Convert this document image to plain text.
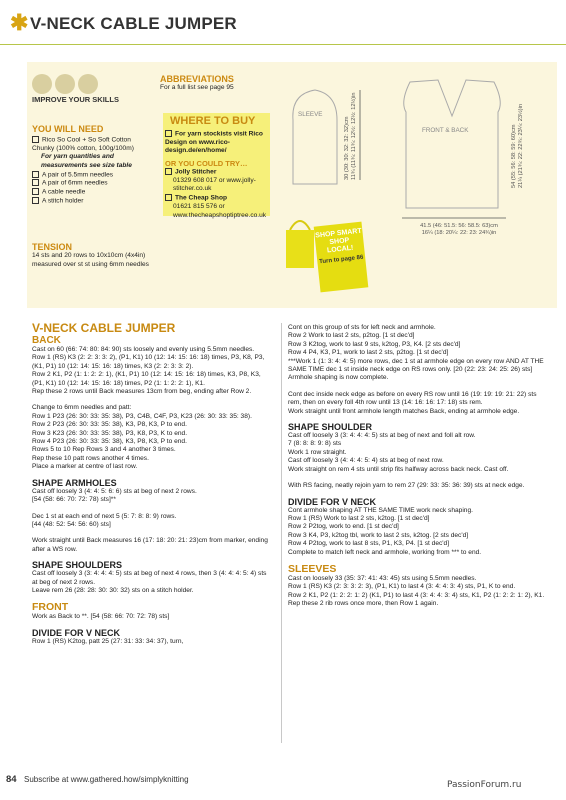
✱ V-NECK CABLE JUMPER
IMPROVE YOUR SKILLS
YOU WILL NEED
Rico So Cool + So Soft Cotton Chunky (100% cotton, 100g/100m)
For yarn quantities and measurements see size table
A pair of 5.5mm needles
A pair of 6mm needles
A cable needle
A stitch holder
TENSION
14 sts and 20 rows to 10x10cm (4x4in) measured over st st using 6mm needles
ABBREVIATIONS
For a full list see page 95
WHERE TO BUY
For yarn stockists visit Rico Design on www.rico-design.de/en/home/
OR YOU COULD TRY…
Jolly Stitcher
01329 608 017 or www.jolly-stitcher.co.uk
The Cheap Shop
01621 815 576 or www.thecheapshoptiptree.co.uk
SHOP SMART
SHOP LOCAL!
Turn to page 86
SLEEVE
30 (30: 30: 32: 32: 32)cm 11¾ (11¾: 11¾: 12½: 12½: 12½)in	FRONT & BACK	54 (55: 56: 58: 59: 60)cm 21¼ (21¾: 22: 22¾: 23¼: 23½)in
41.5 (46: 51.5: 56: 58.5: 63)cm
16¼ (18: 20¼: 22: 23: 24¾)in
V-NECK CABLE JUMPER
BACK
Cast on 60 (66: 74: 80: 84: 90) sts loosely and evenly using 5.5mm needles.
Row 1 (RS) K3 (2: 2: 3: 3: 2), (P1, K1) 10 (12: 14: 15: 16: 18) times, P3, K8, P3, (K1, P1) 10 (12: 14: 15: 16: 18) times, K3 (2: 2: 3: 3: 2).
Row 2 K1, P2 (1: 1: 2: 2: 1), (K1, P1) 10 (12: 14: 15: 16: 18) times, K3, P8, K3, (P1, K1) 10 (12: 14: 15: 16: 18) times, P2 (1: 1: 2: 2: 1), K1.
Rep these 2 rows until Back measures 13cm from beg, ending after Row 2.
Change to 6mm needles and patt:
Row 1 P23 (26: 30: 33: 35: 38), P3, C4B, C4F, P3, K23 (26: 30: 33: 35: 38).
Row 2 P23 (26: 30: 33: 35: 38), K3, P8, K3, P to end.
Row 3 K23 (26: 30: 33: 35: 38), P3, K8, P3, K to end.
Row 4 P23 (26: 30: 33: 35: 38), K3, P8, K3, P to end.
Rows 5 to 10 Rep Rows 3 and 4 another 3 times.
Rep these 10 patt rows another 4 times.
Place a marker at centre of last row.
SHAPE ARMHOLES
Cast off loosely 3 (4: 4: 5: 6: 6) sts at beg of next 2 rows.
[54 (58: 66: 70: 72: 78) sts]**
Dec 1 st at each end of next 5 (5: 7: 8: 8: 9) rows.
[44 (48: 52: 54: 56: 60) sts]
Work straight until Back measures 16 (17: 18: 20: 21: 23)cm from marker, ending after a WS row.
SHAPE SHOULDERS
Cast off loosely 3 (3: 4: 4: 4: 5) sts at beg of next 4 rows, then 3 (4: 4: 4: 5: 4) sts at beg of next 2 rows.
Leave rem 26 (28: 28: 30: 30: 32) sts on a stitch holder.
FRONT
Work as Back to **. [54 (58: 66: 70: 72: 78) sts]
DIVIDE FOR V NECK
Row 1 (RS) K2tog, patt 25 (27: 31: 33: 34: 37), turn,
Cont on this group of sts for left neck and armhole.
Row 2 Work to last 2 sts, p2tog. [1 st dec'd]
Row 3 K2tog, work to last 9 sts, k2tog, P3, K4. [2 sts dec'd]
Row 4 P4, K3, P1, work to last 2 sts, p2tog. [1 st dec'd]
***Work 1 (1: 3: 4: 4: 5) more rows, dec 1 st at armhole edge on every row AND AT THE SAME TIME dec 1 st inside neck edge on RS rows only. [20 (22: 23: 24: 25: 26) sts]
Armhole shaping is now complete.
Cont dec inside neck edge as before on every RS row until 16 (19: 19: 19: 21: 22) sts rem, then on every foll 4th row until 13 (14: 16: 16: 17: 18) sts rem.
Work straight until front armhole length matches Back, ending at armhole edge.
SHAPE SHOULDER
Cast off loosely 3 (3: 4: 4: 4: 5) sts at beg of next and foll alt row.
7 (8: 8: 8: 9: 8) sts
Work 1 row straight.
Cast off loosely 3 (4: 4: 4: 5: 4) sts at beg of next row.
Work straight on rem 4 sts until strip fits halfway across back neck. Cast off.
With RS facing, neatly rejoin yarn to rem 27 (29: 33: 35: 36: 39) sts at neck edge.
DIVIDE FOR V NECK
Cont armhole shaping AT THE SAME TIME work neck shaping.
Row 1 (RS) Work to last 2 sts, k2tog. [1 st dec'd]
Row 2 P2tog, work to end. [1 st dec'd]
Row 3 K4, P3, k2tog tbl, work to last 2 sts, k2tog. [2 sts dec'd]
Row 4 P2tog, work to last 8 sts, P1, K3, P4. [1 st dec'd]
Complete to match left neck and armhole, working from *** to end.
SLEEVES
Cast on loosely 33 (35: 37: 41: 43: 45) sts using 5.5mm needles.
Row 1 (RS) K3 (2: 3: 3: 2: 3), (P1, K1) to last 4 (3: 4: 4: 3: 4) sts, P1, K to end.
Row 2 K1, P2 (1: 2: 2: 1: 2) (K1, P1) to last 4 (3: 4: 4: 3: 4) sts, K1, P2 (1: 2: 2: 1: 2), K1.
Rep these 2 rib rows once more, then Row 1 again.
84 Subscribe at www.gathered.how/simplyknitting
PassionForum.ru
